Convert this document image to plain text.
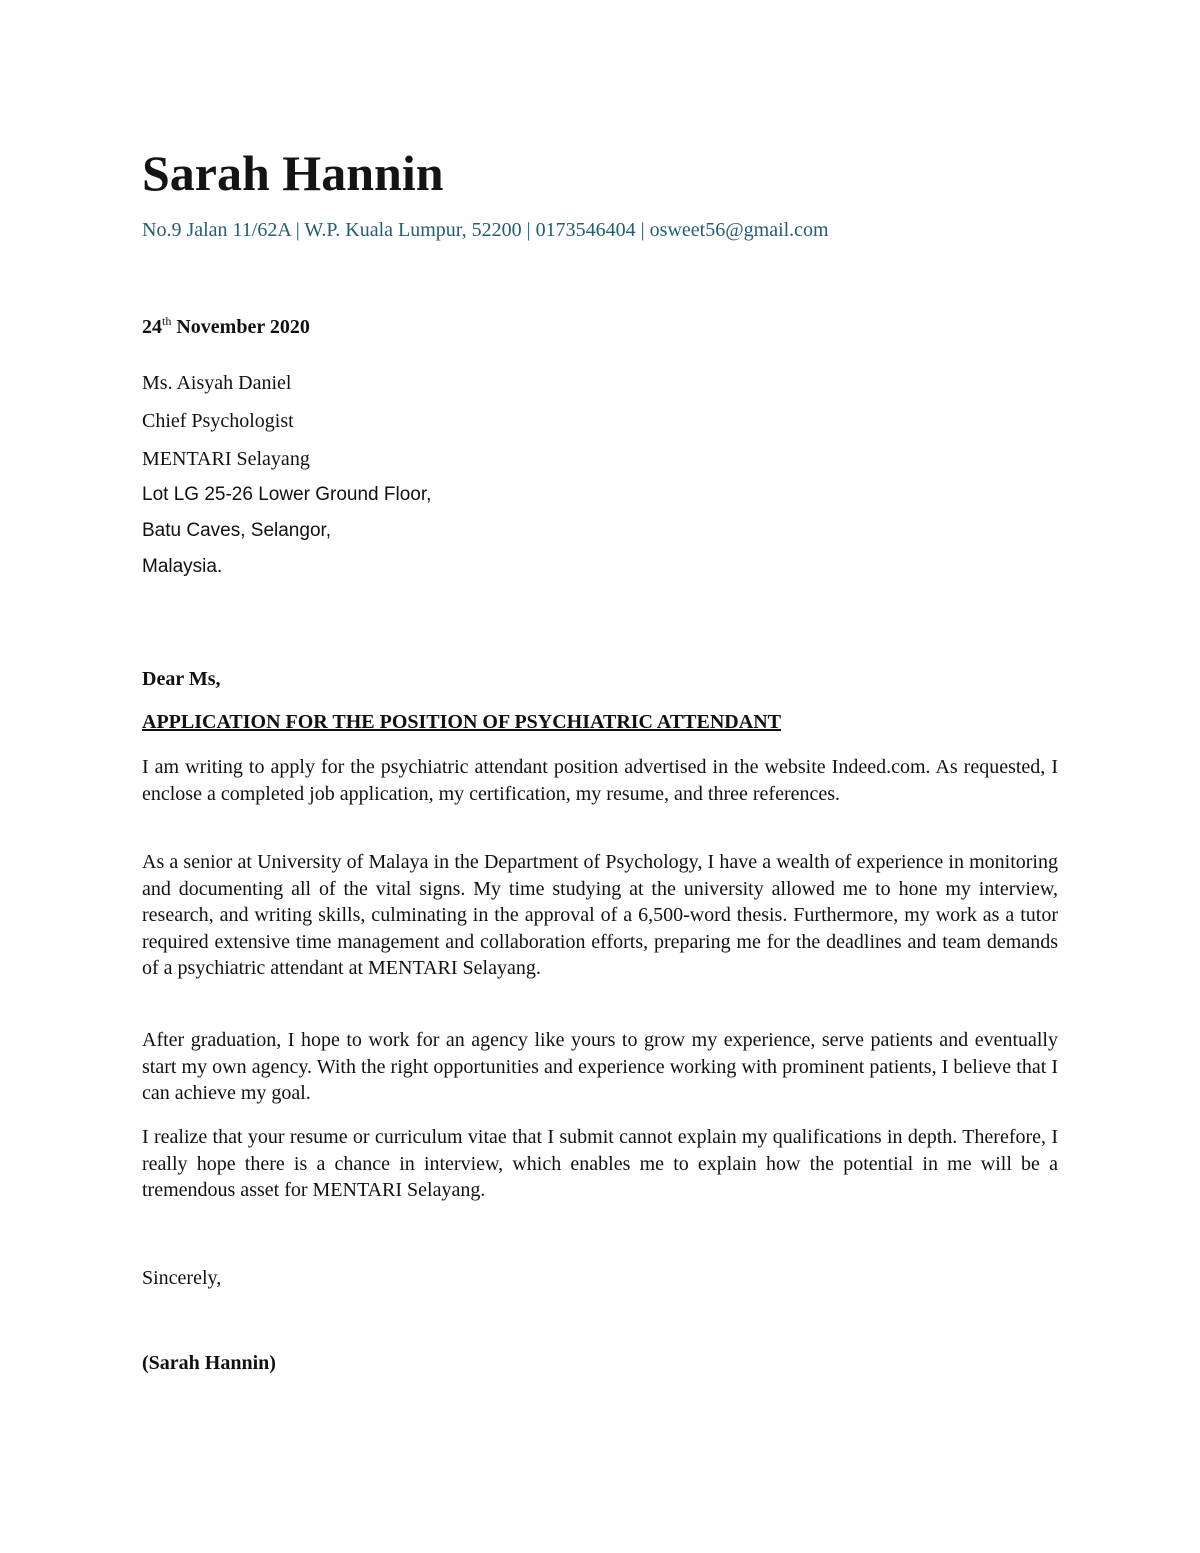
Sarah Hannin
No.9 Jalan 11/62A | W.P. Kuala Lumpur, 52200 | 0173546404 | osweet56@gmail.com
24th November 2020
Ms. Aisyah Daniel
Chief Psychologist
MENTARI Selayang
Lot LG 25-26 Lower Ground Floor,
Batu Caves, Selangor,
Malaysia.
Dear Ms,
APPLICATION FOR THE POSITION OF PSYCHIATRIC ATTENDANT

I am writing to apply for the psychiatric attendant position advertised in the website Indeed.com. As requested, I enclose a completed job application, my certification, my resume, and three references.

As a senior at University of Malaya in the Department of Psychology, I have a wealth of experience in monitoring and documenting all of the vital signs. My time studying at the university allowed me to hone my interview, research, and writing skills, culminating in the approval of a 6,500-word thesis. Furthermore, my work as a tutor required extensive time management and collaboration efforts, preparing me for the deadlines and team demands of a psychiatric attendant at MENTARI Selayang.

After graduation, I hope to work for an agency like yours to grow my experience, serve patients and eventually start my own agency. With the right opportunities and experience working with prominent patients, I believe that I can achieve my goal.

I realize that your resume or curriculum vitae that I submit cannot explain my qualifications in depth. Therefore, I really hope there is a chance in interview, which enables me to explain how the potential in me will be a tremendous asset for MENTARI Selayang.

Sincerely,
(Sarah Hannin)
